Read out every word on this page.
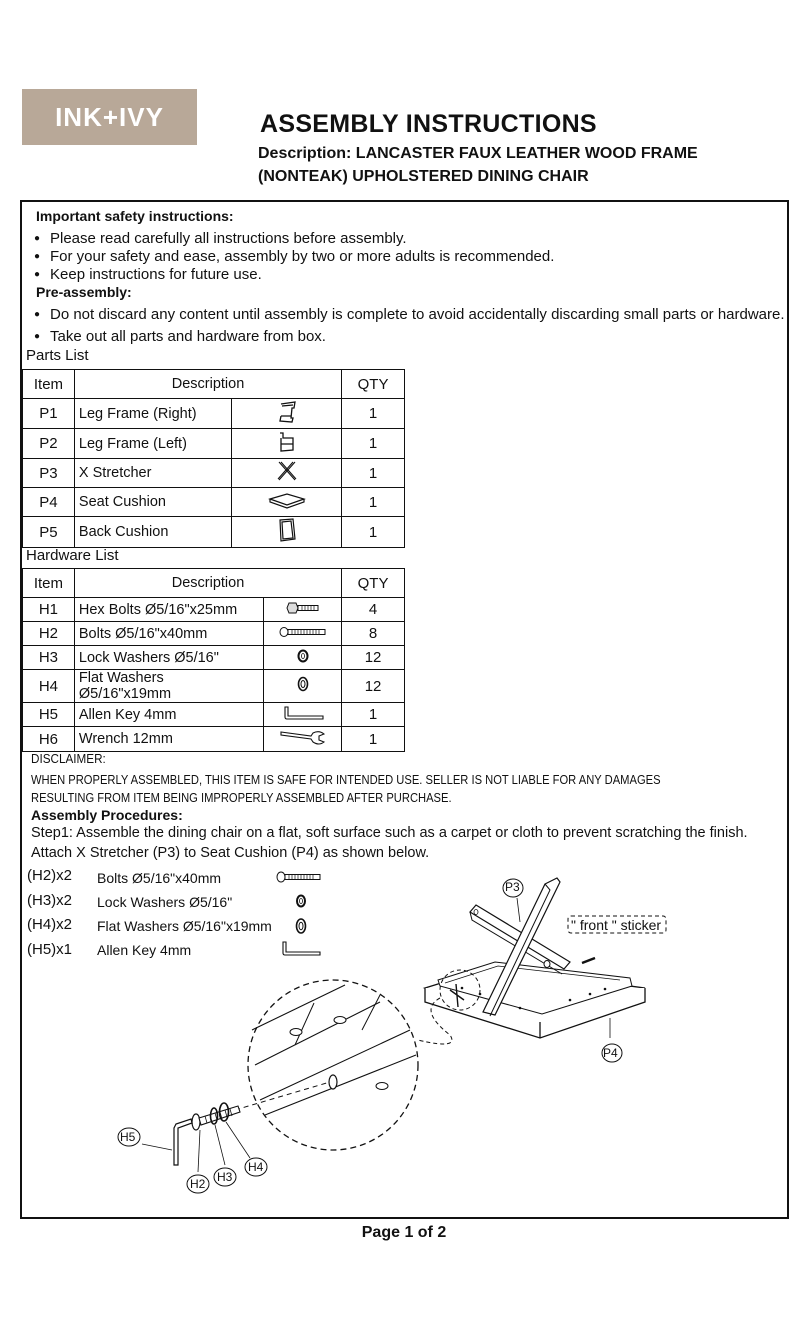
INK+IVY	ASSEMBLY INSTRUCTIONS
Description: LANCASTER FAUX LEATHER WOOD FRAME
(NONTEAK) UPHOLSTERED DINING CHAIR
Important safety instructions:
● Please read carefully all instructions before assembly.
● For your safety and ease, assembly by two or more adults is recommended.
● Keep instructions for future use.
Pre-assembly:
● Do not discard any content until assembly is complete to avoid accidentally discarding small parts or hardware.
● Take out all parts and hardware from box.
Parts List
Item	Description		QTY
P1	Leg Frame (Right)		1
P2	Leg Frame (Left)		1
P3	X Stretcher		1
P4	Seat Cushion		1
P5	Back Cushion		1
Hardware List
Item	Description		QTY
H1	Hex Bolts Ø5/16"x25mm		4
H2	Bolts Ø5/16"x40mm		8
H3	Lock Washers Ø5/16"		12
H4	Flat Washers Ø5/16"x19mm		12
H5	Allen Key 4mm		1
H6	Wrench 12mm		1
DISCLAIMER:
WHEN PROPERLY ASSEMBLED, THIS ITEM IS SAFE FOR INTENDED USE. SELLER IS NOT LIABLE FOR ANY DAMAGES
RESULTING FROM ITEM BEING IMPROPERLY ASSEMBLED AFTER PURCHASE.
Assembly Procedures:
Step1: Assemble the dining chair on a flat, soft surface such as a carpet or cloth to prevent scratching the finish.
Attach X Stretcher (P3) to Seat Cushion (P4) as shown below.
(H2)x2 Bolts Ø5/16"x40mm
(H3)x2 Lock Washers Ø5/16"
(H4)x2 Flat Washers Ø5/16"x19mm
(H5)x1 Allen Key 4mm
P3
P4
" front " sticker
H5
H2 H3
H4
Page 1 of 2
